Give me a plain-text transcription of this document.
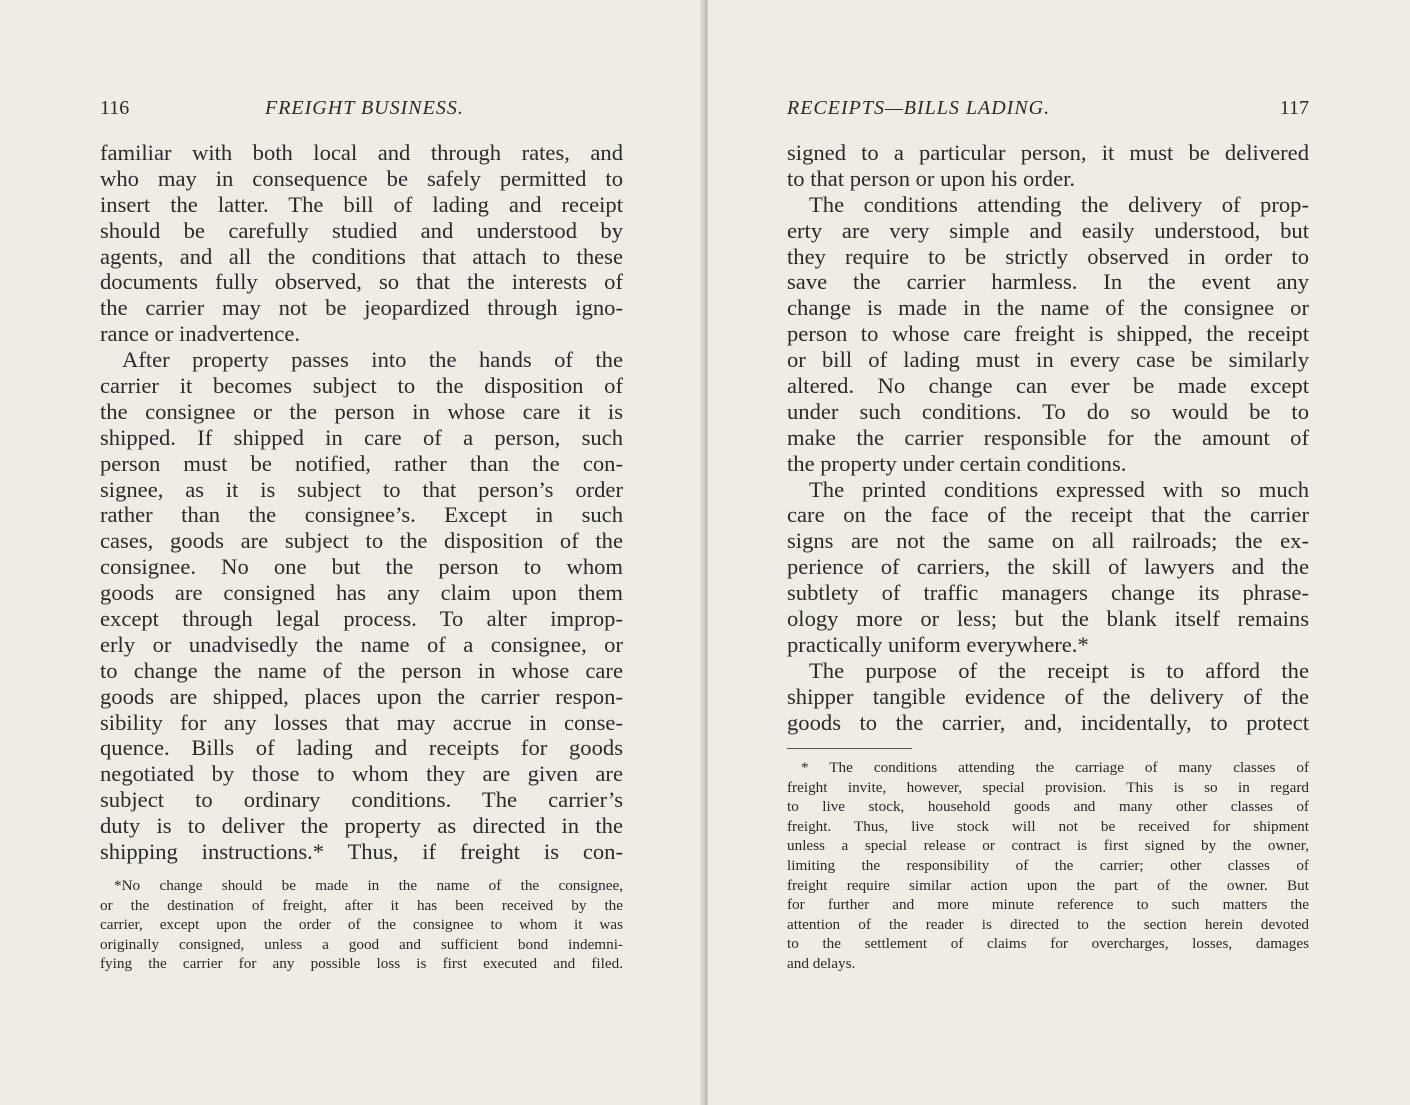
116	FREIGHT BUSINESS.
familiar with both local and through rates, and
who may in consequence be safely permitted to
insert the latter. The bill of lading and receipt
should be carefully studied and understood by
agents, and all the conditions that attach to these
documents fully observed, so that the interests of
the carrier may not be jeopardized through igno-
rance or inadvertence.
After property passes into the hands of the
carrier it becomes subject to the disposition of
the consignee or the person in whose care it is
shipped. If shipped in care of a person, such
person must be notified, rather than the con-
signee, as it is subject to that person’s order
rather than the consignee’s. Except in such
cases, goods are subject to the disposition of the
consignee. No one but the person to whom
goods are consigned has any claim upon them
except through legal process. To alter improp-
erly or unadvisedly the name of a consignee, or
to change the name of the person in whose care
goods are shipped, places upon the carrier respon-
sibility for any losses that may accrue in conse-
quence. Bills of lading and receipts for goods
negotiated by those to whom they are given are
subject to ordinary conditions. The carrier’s
duty is to deliver the property as directed in the
shipping instructions.* Thus, if freight is con-
*No change should be made in the name of the consignee,
or the destination of freight, after it has been received by the
carrier, except upon the order of the consignee to whom it was
originally consigned, unless a good and sufficient bond indemni-
fying the carrier for any possible loss is first executed and filed.
RECEIPTS—BILLS LADING.	117
signed to a particular person, it must be delivered
to that person or upon his order.
The conditions attending the delivery of prop-
erty are very simple and easily understood, but
they require to be strictly observed in order to
save the carrier harmless. In the event any
change is made in the name of the consignee or
person to whose care freight is shipped, the receipt
or bill of lading must in every case be similarly
altered. No change can ever be made except
under such conditions. To do so would be to
make the carrier responsible for the amount of
the property under certain conditions.
The printed conditions expressed with so much
care on the face of the receipt that the carrier
signs are not the same on all railroads; the ex-
perience of carriers, the skill of lawyers and the
subtlety of traffic managers change its phrase-
ology more or less; but the blank itself remains
practically uniform everywhere.*
The purpose of the receipt is to afford the
shipper tangible evidence of the delivery of the
goods to the carrier, and, incidentally, to protect
* The conditions attending the carriage of many classes of
freight invite, however, special provision. This is so in regard
to live stock, household goods and many other classes of
freight. Thus, live stock will not be received for shipment
unless a special release or contract is first signed by the owner,
limiting the responsibility of the carrier; other classes of
freight require similar action upon the part of the owner. But
for further and more minute reference to such matters the
attention of the reader is directed to the section herein devoted
to the settlement of claims for overcharges, losses, damages
and delays.
